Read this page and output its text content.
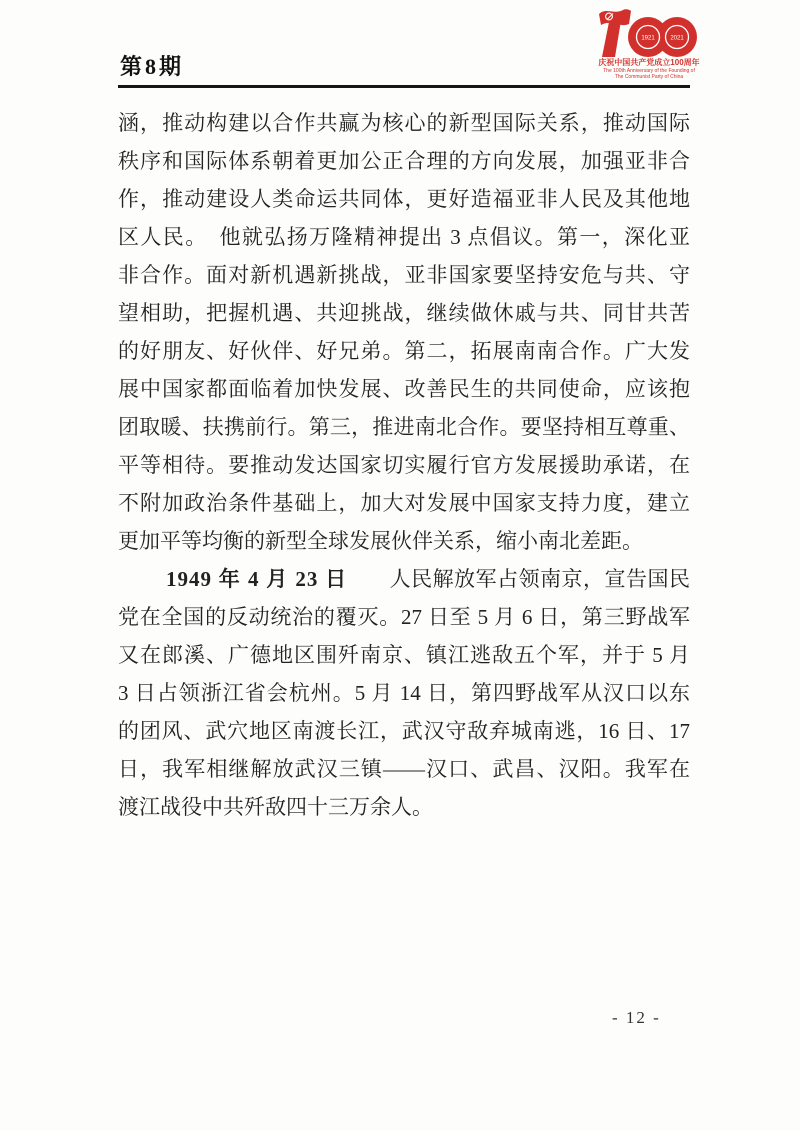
第8期
1921	2021
庆祝中国共产党成立100周年
The 100th Anniversary of the Founding of
The Communist Party of China
涵，推动构建以合作共赢为核心的新型国际关系，推动国际
秩序和国际体系朝着更加公正合理的方向发展，加强亚非合
作，推动建设人类命运共同体，更好造福亚非人民及其他地
区人民。　他就弘扬万隆精神提出 3 点倡议。第一，深化亚
非合作。面对新机遇新挑战，亚非国家要坚持安危与共、守
望相助，把握机遇、共迎挑战，继续做休戚与共、同甘共苦
的好朋友、好伙伴、好兄弟。第二，拓展南南合作。广大发
展中国家都面临着加快发展、改善民生的共同使命，应该抱
团取暖、扶携前行。第三，推进南北合作。要坚持相互尊重、
平等相待。要推动发达国家切实履行官方发展援助承诺，在
不附加政治条件基础上，加大对发展中国家支持力度，建立
更加平等均衡的新型全球发展伙伴关系，缩小南北差距。
1949 年 4 月 23 日 人民解放军占领南京，宣告国民
党在全国的反动统治的覆灭。27 日至 5 月 6 日，第三野战军
又在郎溪、广德地区围歼南京、镇江逃敌五个军，并于 5 月
3 日占领浙江省会杭州。5 月 14 日，第四野战军从汉口以东
的团风、武穴地区南渡长江，武汉守敌弃城南逃，16 日、17
日，我军相继解放武汉三镇——汉口、武昌、汉阳。我军在
渡江战役中共歼敌四十三万余人。
- 12 -
